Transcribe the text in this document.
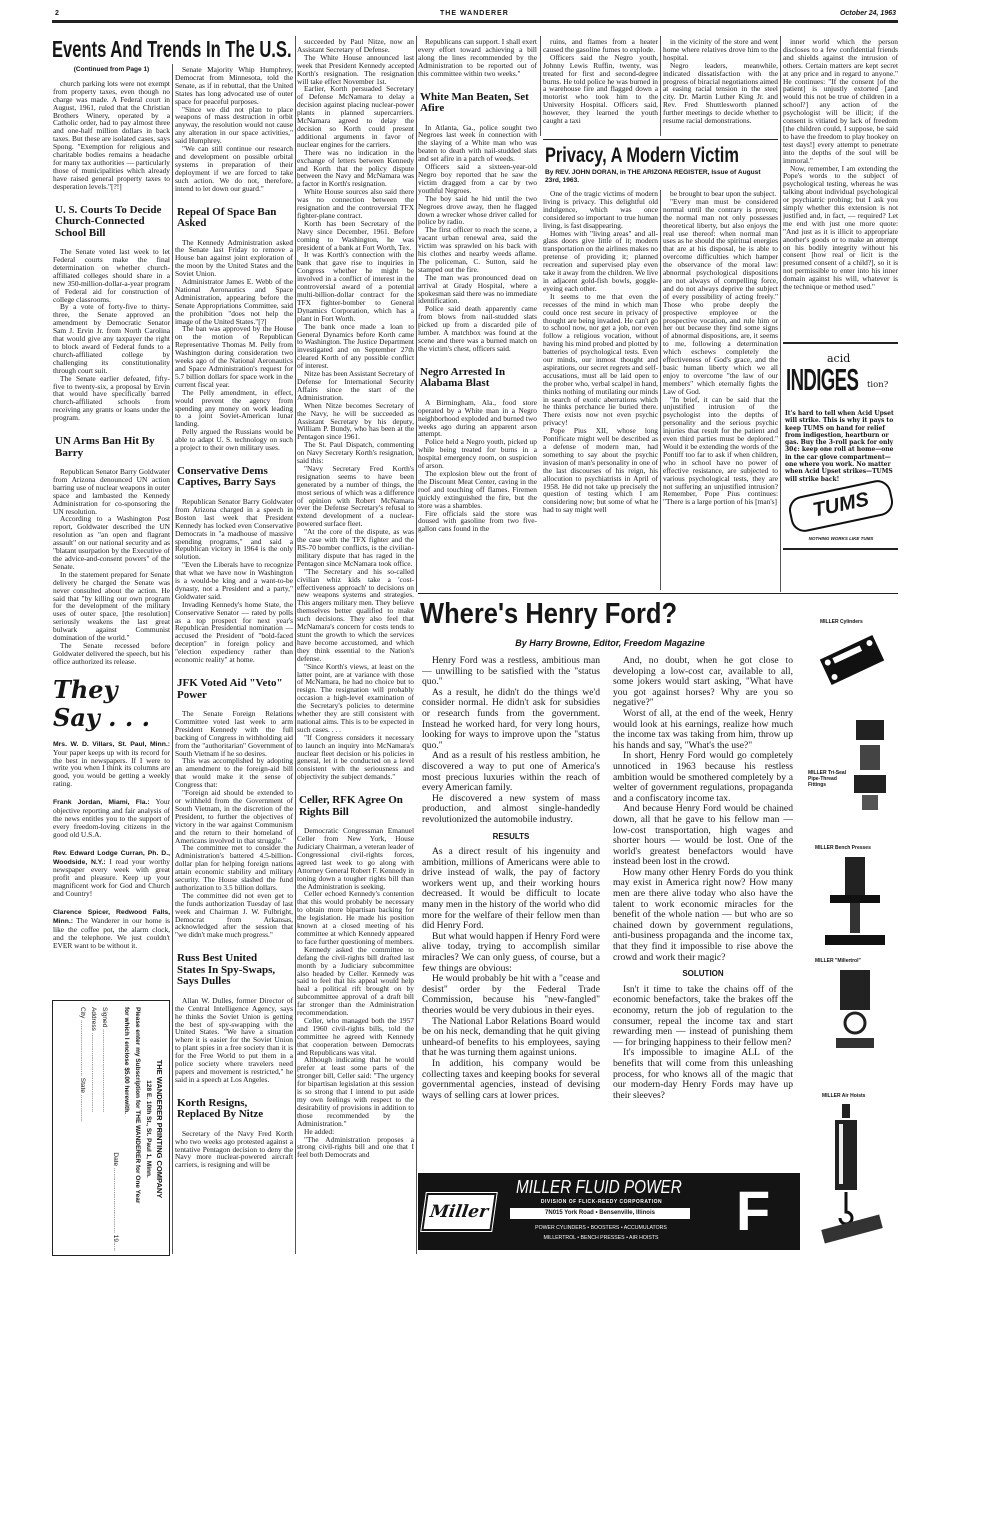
2	THE WANDERER	October 24, 1963
Events And Trends In The U.S.
(Continued from Page 1)

church parking lots were not exempt from property taxes, even though no charge was made. A Federal court in August, 1961, ruled that the Christian Brothers Winery, operated by a Catholic order, had to pay almost three and one-half million dollars in back taxes. But these are isolated cases, says Spong. "Exemption for religious and charitable bodies remains a headache for many tax authorities — particularly those of municipalities which already have raised general property taxes to desperation levels."[?!]

U. S. Courts To Decide Church-Connected School Bill

The Senate voted last week to let Federal courts make the final determination on whether church-affiliated colleges should share in a new 350-million-dollar-a-year program of Federal aid for construction of college classrooms.

By a vote of forty-five to thirty-three, the Senate approved an amendment by Democratic Senator Sam J. Ervin Jr. from North Carolina that would give any taxpayer the right to block award of Federal funds to a church-affiliated college by challenging its constitutionality through court suit.

The Senate earlier defeated, fifty-five to twenty-six, a proposal by Ervin that would have specifically barred church-affiliated schools from receiving any grants or loans under the program.

UN Arms Ban Hit By Barry

Republican Senator Barry Goldwater from Arizona denounced UN action barring use of nuclear weapons in outer space and lambasted the Kennedy Administration for co-sponsoring the UN resolution.

According to a Washington Post report, Goldwater described the UN resolution as "an open and flagrant assault" on our national security and as "blatant usurpation by the Executive of the advice-and-consent powers" of the Senate.

In the statement prepared for Senate delivery he charged the Senate was never consulted about the action. He said that "by killing our own program for the development of the military uses of outer space, [the resolution] seriously weakens the last great bulwark against Communist domination of the world."

The Senate recessed before Goldwater delivered the speech, but his office authorized its release.

They Say . . .

Mrs. W. D. Villars, St. Paul, Minn.: Your paper keeps up with its record for the best in newspapers. If I were to write you when I think its columns are good, you would be getting a weekly rating.

Frank Jordan, Miami, Fla.: Your objective reporting and fair analysis of the news entitles you to the support of every freedom-loving citizens in the good old U.S.A.

Rev. Edward Lodge Curran, Ph. D., Woodside, N.Y.: I read your worthy newspaper every week with great profit and pleasure. Keep up your magnificent work for God and Church and Country!

Clarence Spicer, Redwood Falls, Minn.: The Wanderer in our home is like the coffee pot, the alarm clock, and the telephone. We just couldn't EVER want to be without it.

Senate Majority Whip Humphrey, Democrat from Minnesota, told the Senate, as if in rebuttal, that the United States has long advocated use of outer space for peaceful purposes.

"Since we did not plan to place weapons of mass destruction in orbit anyway, the resolution would not cause any alteration in our space activities," said Humphrey.

"We can still continue our research and development on possible orbital systems in preparation of their deployment if we are forced to take such action. We do not, therefore, intend to let down our guard."

Repeal Of Space Ban Asked

The Kennedy Administration asked the Senate last Friday to remove a House ban against joint exploration of the moon by the United States and the Soviet Union.

Administrator James E. Webb of the National Aeronautics and Space Administration, appearing before the Senate Appropriations Committee, said the prohibition "does not help the image of the United States."[?]

The ban was approved by the House on the motion of Republican Representative Thomas M. Pelly from Washington during consideration two weeks ago of the National Aeronautics and Space Administration's request for 5.7 billion dollars for space work in the current fiscal year.

The Pelly amendment, in effect, would prevent the agency from spending any money on work leading to a joint Soviet-American lunar landing.

Pelly argued the Russians would be able to adapt U. S. technology on such a project to their own military uses.

Conservative Dems Captives, Barry Says

Republican Senator Barry Goldwater from Arizona charged in a speech in Boston last week that President Kennedy has locked even Conservative Democrats in "a madhouse of massive spending programs," and said a Republican victory in 1964 is the only solution.

"Even the Liberals have to recognize that what we have now in Washington is a would-be king and a want-to-be dynasty, not a President and a party," Goldwater said.

Invading Kennedy's home State, the Conservative Senator — rated by polls as a top prospect for next year's Republican Presidential nomination — accused the President of "bold-faced deception" in foreign policy and "election expediency rather than economic reality" at home.

JFK Voted Aid "Veto" Power

The Senate Foreign Relations Committee voted last week to arm President Kennedy with the full backing of Congress in withholding aid from the "authoritarian" Government of South Vietnam if he so desires.

This was accomplished by adopting an amendment to the foreign-aid bill that would make it the sense of Congress that:

"Foreign aid should be extended to or withheld from the Government of South Vietnam, in the discretion of the President, to further the objectives of victory in the war against Communism and the return to their homeland of Americans involved in that struggle."

The committee met to consider the Administration's battered 4.5-billion-dollar plan for helping foreign nations attain economic stability and military security. The House slashed the fund authorization to 3.5 billion dollars.

The committee did not even get to the funds authorization Tuesday of last week and Chairman J. W. Fulbright, Democrat from Arkansas, acknowledged after the session that "we didn't make much progress."

Russ Best United States In Spy-Swaps, Says Dulles

Allan W. Dulles, former Director of the Central Intelligence Agency, says he thinks the Soviet Union is getting the best of spy-swapping with the United States. "We have a situation where it is easier for the Soviet Union to plant spies in a free society than it is for the Free World to put them in a police society where travelers need papers and movement is restricted," he said in a speech at Los Angeles.

Korth Resigns, Replaced By Nitze

Secretary of the Navy Fred Korth who two weeks ago protested against a tentative Pentagon decision to deny the Navy more nuclear-powered aircraft carriers, is resigning and will be

succeeded by Paul Nitze, now an Assistant Secretary of Defense.

The White House announced last week that President Kennedy accepted Korth's resignation. The resignation will take effect November 1st.

Earlier, Korth persuaded Secretary of Defense McNamara to delay a decision against placing nuclear-power plants in planned supercarriers. McNamara agreed to delay the decision so Korth could present additional arguments in favor of nuclear engines for the carriers.

There was no indication in the exchange of letters between Kennedy and Korth that the policy dispute between the Navy and McNamara was a factor in Korth's resignation.

White House sources also said there was no connection between the resignation and the controversial TFX fighter-plane contract.

Korth has been Secretary of the Navy since December, 1961. Before coming to Washington, he was president of a bank at Fort Worth, Tex.

It was Korth's connection with the bank that gave rise to inquiries in Congress whether he might be involved in a conflict of interest in the controversial award of a potential multi-billion-dollar contract for the TFX fighter-bomber to General Dynamics Corporation, which has a plant in Fort Worth.

The bank once made a loan to General Dynamics before Korth came to Washington. The Justice Department investigated and on September 27th cleared Korth of any possible conflict of interest.

Nitze has been Assistant Secretary of Defense for International Security Affairs since the start of the Administration.

When Nitze becomes Secretary of the Navy, he will be succeeded as Assistant Secretary by his deputy, William P. Bundy, who has been at the Pentagon since 1961.

The St. Paul Dispatch, commenting on Navy Secretary Korth's resignation, said this:

"Navy Secretary Fred Korth's resignation seems to have been generated by a number of things, the most serious of which was a difference of opinion with Robert McNamara over the Defense Secretary's refusal to extend development of a nuclear-powered surface fleet.

"At the core of the dispute, as was the case with the TFX fighter and the RS-70 bomber conflicts, is the civilian-military dispute that has raged in the Pentagon since McNamara took office.

"The Secretary and his so-called civilian whiz kids take a 'cost-effectiveness approach' to decisions on new weapons systems and strategies. This angers military men. They believe themselves better qualified to make such decisions. They also feel that McNamara's concern for costs tends to stunt the growth to which the services have become accustomed, and which they think essential to the Nation's defense.

"Since Korth's views, at least on the latter point, are at variance with those of McNamara, he had no choice but to resign. The resignation will probably occasion a high-level examination of the Secretary's policies to determine whether they are still consistent with national aims. This is to be expected in such cases. . . .

"If Congress considers it necessary to launch an inquiry into McNamara's nuclear fleet decision or his policies in general, let it be conducted on a level consistent with the seriousness and objectivity the subject demands."

Celler, RFK Agree On Rights Bill

Democratic Congressman Emanuel Celler from New York, House Judiciary Chairman, a veteran leader of Congressional civil-rights forces, agreed last week to go along with Attorney General Robert F. Kennedy in toning down a tougher rights bill than the Administration is seeking.

Celler echoed Kennedy's contention that this would probably be necessary to obtain more bipartisan backing for the legislation. He made his position known at a closed meeting of his committee at which Kennedy appeared to face further questioning of members.

Kennedy asked the committee to defang the civil-rights bill drafted last month by a Judiciary subcommittee also headed by Celler. Kennedy was said to feel that his appeal would help heal a political rift brought on by subcommittee approval of a draft bill far stronger than the Administration recommendation.

Celler, who managed both the 1957 and 1960 civil-rights bills, told the committee he agreed with Kennedy that cooperation between Democrats and Republicans was vital.

Although indicating that he would prefer at least some parts of the stronger bill, Celler said: "The urgency for bipartisan legislation at this session is so strong that I intend to put aside my own feelings with respect to the desirability of provisions in addition to those recommended by the Administration."

He added:

"The Administration proposes a strong civil-rights bill and one that I feel both Democrats and

Republicans can support. I shall exert every effort toward achieving a bill along the lines recommended by the Administration to be reported out of this committee within two weeks."

White Man Beaten, Set Afire

In Atlanta, Ga., police sought two Negroes last week in connection with the slaying of a White man who was beaten to death with nail-studded slats and set afire in a patch of weeds.

Officers said a sixteen-year-old Negro boy reported that he saw the victim dragged from a car by two youthful Negroes.

The boy said he hid until the two Negroes drove away, then he flagged down a wrecker whose driver called for police by radio.

The first officer to reach the scene, a vacant urban renewal area, said the victim was sprawled on his back with his clothes and nearby weeds aflame. The policeman, C. Sutton, said he stamped out the fire.

The man was pronounced dead on arrival at Grady Hospital, where a spokesman said there was no immediate identification.

Police said death apparently came from blows from nail-studded slats picked up from a discarded pile of lumber. A matchbox was found at the scene and there was a burned match on the victim's chest, officers said.

Negro Arrested In Alabama Blast

A Birmingham, Ala., food store operated by a White man in a Negro neighborhood exploded and burned two weeks ago during an apparent arson attempt.

Police held a Negro youth, picked up while being treated for burns in a hospital emergency room, on suspicion of arson.

The explosion blew out the front of the Discount Meat Center, caving in the roof and touching off flames. Firemen quickly extinguished the fire, but the store was a shambles.

Fire officials said the store was doused with gasoline from two five-gallon cans found in the

ruins, and flames from a heater caused the gasoline fumes to explode.

Officers said the Negro youth, Johnny Lewis Ruffin, twenty, was treated for first and second-degree burns. He told police he was burned in a warehouse fire and flagged down a motorist who took him to the University Hospital. Officers said, however, they learned the youth caught a taxi

in the vicinity of the store and went home where relatives drove him to the hospital.

Negro leaders, meanwhile, indicated dissatisfaction with the progress of biracial negotiations aimed at easing racial tension in the steel city. Dr. Martin Luther King Jr. and Rev. Fred Shuttlesworth planned further meetings to decide whether to resume racial demonstrations.

Privacy, A Modern Victim
By REV. JOHN DORAN, in THE ARIZONA REGISTER, Issue of August 23rd, 1963.

One of the tragic victims of modern living is privacy. This delightful old indulgence, which was once considered so important to true human living, is fast disappearing.

Homes with "living areas" and all-glass doors give little of it; modern transportation on the airlines makes no pretense of providing it; planned recreation and supervised play even take it away from the children. We live in adjacent gold-fish bowls, goggle-eyeing each other.

It seems to me that even the recesses of the mind in which man could once rest secure in privacy of thought are being invaded. He can't go to school now, nor get a job, nor even follow a religious vocation, without having his mind probed and plotted by batteries of psychological tests. Even our minds, our inmost thought and aspirations, our secret regrets and self-accusations, must all be laid open to the prober who, verbal scalpel in hand, thinks nothing of mutilating our minds in search of exotic aberrations which he thinks perchance lie buried there. There exists now not even psychic privacy!

Pope Pius XII, whose long Pontificate might well be described as a defense of modern man, had something to say about the psychic invasion of man's personality in one of the last discourses of his reign, his allocution to psychiatrists in April of 1958. He did not take up precisely the question of testing which I am considering now; but some of what he had to say might well

be brought to bear upon the subject.

"Every man must be considered normal until the contrary is proven; the normal man not only possesses theoretical liberty, but also enjoys the real use thereof: when normal man uses as he should the spiritual energies that are at his disposal, he is able to overcome difficulties which hamper the observance of the moral law: abnormal psychological dispositions are not always of compelling force, and do not always deprive the subject of every possibility of acting freely." Those who probe deeply the prospective employee or the prospective vocation, and rule him or her out because they find some signs of abnormal dispositions, are, it seems to me, following a determination which eschews completely the effectiveness of God's grace, and the basic human liberty which we all enjoy to overcome "the law of our members" which eternally fights the Law of God.

"In brief, it can be said that the unjustified intrusion of the psychologist into the depths of personality and the serious psychic injuries that result for the patient and even third parties must be deplored." Would it be extending the words of the Pontiff too far to ask if when children, who in school have no power of effective resistance, are subjected to various psychological tests, they are not suffering an unjustified intrusion? Remember, Pope Pius continues: "There is a large portion of his [man's]

inner world which the person discloses to a few confidential friends and shields against the intrusion of others. Certain matters are kept secret at any price and in regard to anyone." He continues: "If the consent [of the patient] is unjustly extorted [and would this not be true of children in a school?] any action of the psychologist will be illicit; if the consent is vitiated by lack of freedom [the children could, I suppose, be said to have the freedom to play hookey on test days!] every attempt to penetrate into the depths of the soul will be immoral."

Now, remember, I am extending the Pope's words to the subject of psychological testing, whereas he was talking about individual psychological or psychiatric probing; but I ask you simply whether this extension is not justified and, in fact, — required? Let me end with just one more quote: "And just as it is illicit to appropriate another's goods or to make an attempt on his bodily integrity without his consent [how real or licit is the presumed consent of a child?], so it is not permissible to enter into his inner domain against his will, whatever is the technique or method used."

acid
INDIGES tion?
It's hard to tell when Acid Upset will strike. This is why it pays to keep TUMS on hand for relief from indigestion, heartburn or gas. Buy the 3-roll pack for only 30¢: keep one roll at home—one in the car glove compartment—one where you work. No matter when Acid Upset strikes—TUMS will strike back!
TUMS
NOTHING WORKS LIKE TUMS
Where's Henry Ford?
By Harry Browne, Editor, Freedom Magazine

Henry Ford was a restless, ambitious man — unwilling to be satisfied with the "status quo."

As a result, he didn't do the things we'd consider normal. He didn't ask for subsidies or research funds from the government. Instead he worked hard, for very long hours, looking for ways to improve upon the "status quo."

And as a result of his restless ambition, he discovered a way to put one of America's most precious luxuries within the reach of every American family.

He discovered a new system of mass production, and almost single-handedly revolutionized the automobile industry.

RESULTS

As a direct result of his ingenuity and ambition, millions of Americans were able to drive instead of walk, the pay of factory workers went up, and their working hours decreased. It would be difficult to locate many men in the history of the world who did more for the welfare of their fellow men than did Henry Ford.

But what would happen if Henry Ford were alive today, trying to accomplish similar miracles? We can only guess, of course, but a few things are obvious:

He would probably be hit with a "cease and desist" order by the Federal Trade Commission, because his "new-fangled" theories would be very dubious in their eyes.

The National Labor Relations Board would be on his neck, demanding that he quit giving unheard-of benefits to his employees, saying that he was turning them against unions.

In addition, his company would be collecting taxes and keeping books for several governmental agencies, instead of devising ways of selling cars at lower prices.

And, no doubt, when he got close to developing a low-cost car, available to all, some jokers would start asking, "What have you got against horses? Why are you so negative?"

Worst of all, at the end of the week, Henry would look at his earnings, realize how much the income tax was taking from him, throw up his hands and say, "What's the use?"

In short, Henry Ford would go completely unnoticed in 1963 because his restless ambition would be smothered completely by a welter of government regulations, propaganda and a confiscatory income tax.

And because Henry Ford would be chained down, all that he gave to his fellow man — low-cost transportation, high wages and shorter hours — would be lost. One of the world's greatest benefactors would have instead been lost in the crowd.

How many other Henry Fords do you think may exist in America right now? How many men are there alive today who also have the talent to work economic miracles for the benefit of the whole nation — but who are so chained down by government regulations, anti-business propaganda and the income tax, that they find it impossible to rise above the crowd and work their magic?

SOLUTION

Isn't it time to take the chains off of the economic benefactors, take the brakes off the economy, return the job of regulation to the consumer, repeal the income tax and start rewarding men — instead of punishing them — for bringing happiness to their fellow men?

It's impossible to imagine ALL of the benefits that will come from this unleashing process, for who knows all of the magic that our modern-day Henry Fords may have up their sleeves?

MILLER Cylinders
MILLER Tri-Seal Pipe-Thread Fittings
MILLER Bench Presses
MILLER "Millertrol"
MILLER Air Hoists
Miller
MILLER FLUID POWER
DIVISION OF FLICK-REEDY CORPORATION
7N015 York Road • Bensenville, Illinois
POWER CYLINDERS • BOOSTERS • ACCUMULATORS
MILLERTROL • BENCH PRESSES • AIR HOISTS	F
THE WANDERER PRINTING COMPANY
128 E. 10th St., St. Paul 1, Minn.
Please enter my Subscription for THE WANDERER for One Year
for which I enclose $5.00 herewith.
Date .................................... 19.....
Signed ..............................................
Address ............................................
City ............................... State ...............
